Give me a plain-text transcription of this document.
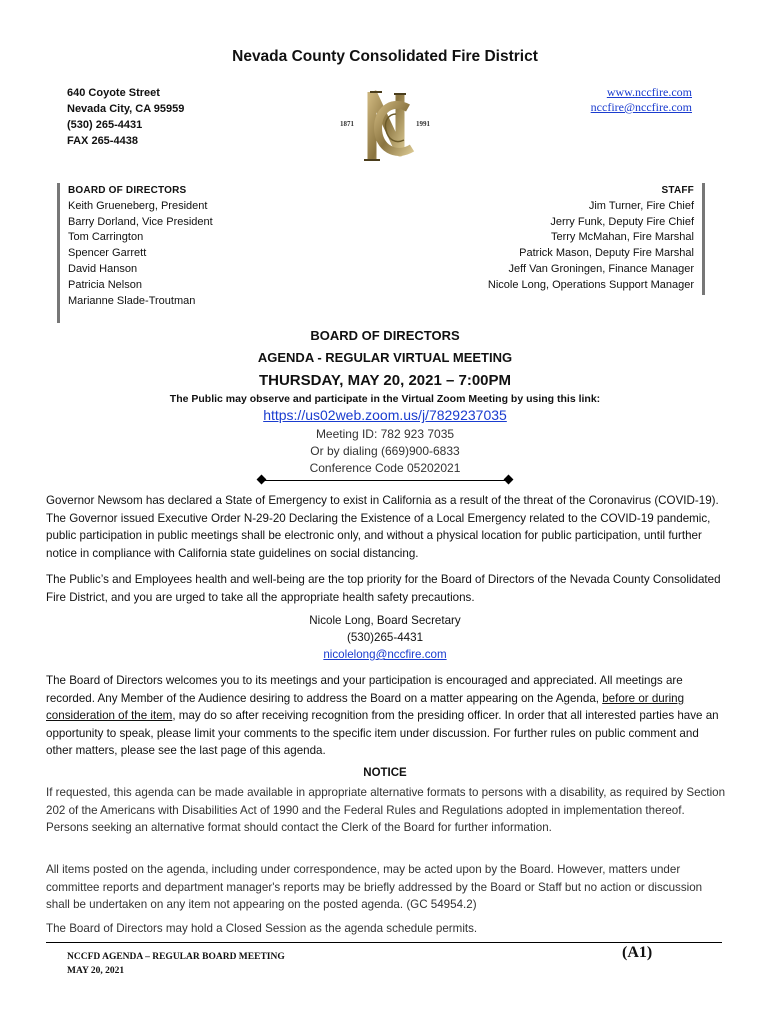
Nevada County Consolidated Fire District
640 Coyote Street
Nevada City, CA 95959
(530) 265-4431
FAX 265-4438
1871	1991
www.nccfire.com
nccfire@nccfire.com
BOARD OF DIRECTORS
Keith Grueneberg, President
Barry Dorland, Vice President
Tom Carrington
Spencer Garrett
David Hanson
Patricia Nelson
Marianne Slade-Troutman
STAFF
Jim Turner, Fire Chief
Jerry Funk, Deputy Fire Chief
Terry McMahan, Fire Marshal
Patrick Mason, Deputy Fire Marshal
Jeff Van Groningen, Finance Manager
Nicole Long, Operations Support Manager
BOARD OF DIRECTORS
AGENDA - REGULAR VIRTUAL MEETING
THURSDAY, MAY 20, 2021 – 7:00PM
The Public may observe and participate in the Virtual Zoom Meeting by using this link:
https://us02web.zoom.us/j/7829237035
Meeting ID: 782 923 7035
Or by dialing (669)900-6833
Conference Code 05202021
Governor Newsom has declared a State of Emergency to exist in California as a result of the threat of the Coronavirus (COVID-19). The Governor issued Executive Order N-29-20 Declaring the Existence of a Local Emergency related to the COVID-19 pandemic, public participation in public meetings shall be electronic only, and without a physical location for public participation, until further notice in compliance with California state guidelines on social distancing.
The Public’s and Employees health and well-being are the top priority for the Board of Directors of the Nevada County Consolidated Fire District, and you are urged to take all the appropriate health safety precautions.
Nicole Long, Board Secretary
(530)265-4431
nicolelong@nccfire.com
The Board of Directors welcomes you to its meetings and your participation is encouraged and appreciated. All meetings are recorded. Any Member of the Audience desiring to address the Board on a matter appearing on the Agenda, before or during consideration of the item, may do so after receiving recognition from the presiding officer. In order that all interested parties have an opportunity to speak, please limit your comments to the specific item under discussion. For further rules on public comment and other matters, please see the last page of this agenda.
NOTICE
If requested, this agenda can be made available in appropriate alternative formats to persons with a disability, as required by Section 202 of the Americans with Disabilities Act of 1990 and the Federal Rules and Regulations adopted in implementation thereof. Persons seeking an alternative format should contact the Clerk of the Board for further information.
All items posted on the agenda, including under correspondence, may be acted upon by the Board. However, matters under committee reports and department manager's reports may be briefly addressed by the Board or Staff but no action or discussion shall be undertaken on any item not appearing on the posted agenda. (GC 54954.2)
The Board of Directors may hold a Closed Session as the agenda schedule permits.
NCCFD AGENDA – REGULAR BOARD MEETING
MAY 20, 2021
(A1)
